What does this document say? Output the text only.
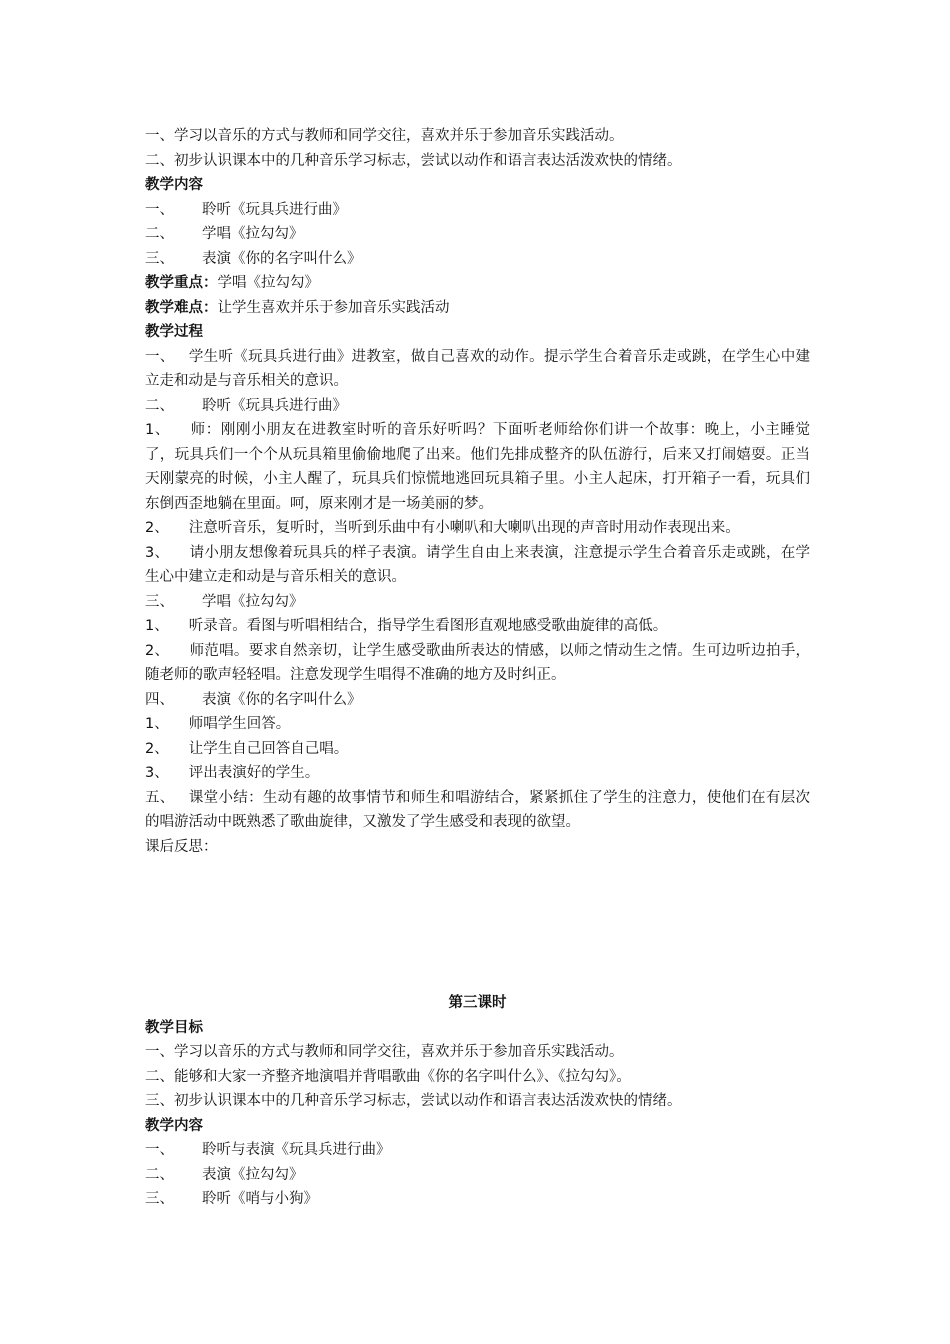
一、学习以音乐的方式与教师和同学交往，喜欢并乐于参加音乐实践活动。
二、初步认识课本中的几种音乐学习标志，尝试以动作和语言表达活泼欢快的情绪。
教学内容
一、 聆听《玩具兵进行曲》
二、 学唱《拉勾勾》
三、 表演《你的名字叫什么》
教学重点：学唱《拉勾勾》
教学难点：让学生喜欢并乐于参加音乐实践活动
教学过程
一、 学生听《玩具兵进行曲》进教室，做自己喜欢的动作。提示学生合着音乐走或跳，在学生心中建立走和动是与音乐相关的意识。
二、 聆听《玩具兵进行曲》
1、 师：刚刚小朋友在进教室时听的音乐好听吗？下面听老师给你们讲一个故事：晚上，小主睡觉了，玩具兵们一个个从玩具箱里偷偷地爬了出来。他们先排成整齐的队伍游行，后来又打闹嬉耍。正当天刚蒙亮的时候，小主人醒了，玩具兵们惊慌地逃回玩具箱子里。小主人起床，打开箱子一看，玩具们东倒西歪地躺在里面。呵，原来刚才是一场美丽的梦。
2、 注意听音乐，复听时，当听到乐曲中有小喇叭和大喇叭出现的声音时用动作表现出来。
3、 请小朋友想像着玩具兵的样子表演。请学生自由上来表演，注意提示学生合着音乐走或跳，在学生心中建立走和动是与音乐相关的意识。
三、 学唱《拉勾勾》
1、 听录音。看图与听唱相结合，指导学生看图形直观地感受歌曲旋律的高低。
2、 师范唱。要求自然亲切，让学生感受歌曲所表达的情感，以师之情动生之情。生可边听边拍手，随老师的歌声轻轻唱。注意发现学生唱得不准确的地方及时纠正。
四、 表演《你的名字叫什么》
1、 师唱学生回答。
2、 让学生自己回答自己唱。
3、 评出表演好的学生。
五、 课堂小结：生动有趣的故事情节和师生和唱游结合，紧紧抓住了学生的注意力，使他们在有层次的唱游活动中既熟悉了歌曲旋律，又激发了学生感受和表现的欲望。
课后反思：
第三课时
教学目标
一、学习以音乐的方式与教师和同学交往，喜欢并乐于参加音乐实践活动。
二、能够和大家一齐整齐地演唱并背唱歌曲《你的名字叫什么》、《拉勾勾》。
三、初步认识课本中的几种音乐学习标志，尝试以动作和语言表达活泼欢快的情绪。
教学内容
一、 聆听与表演《玩具兵进行曲》
二、 表演《拉勾勾》
三、 聆听《哨与小狗》
